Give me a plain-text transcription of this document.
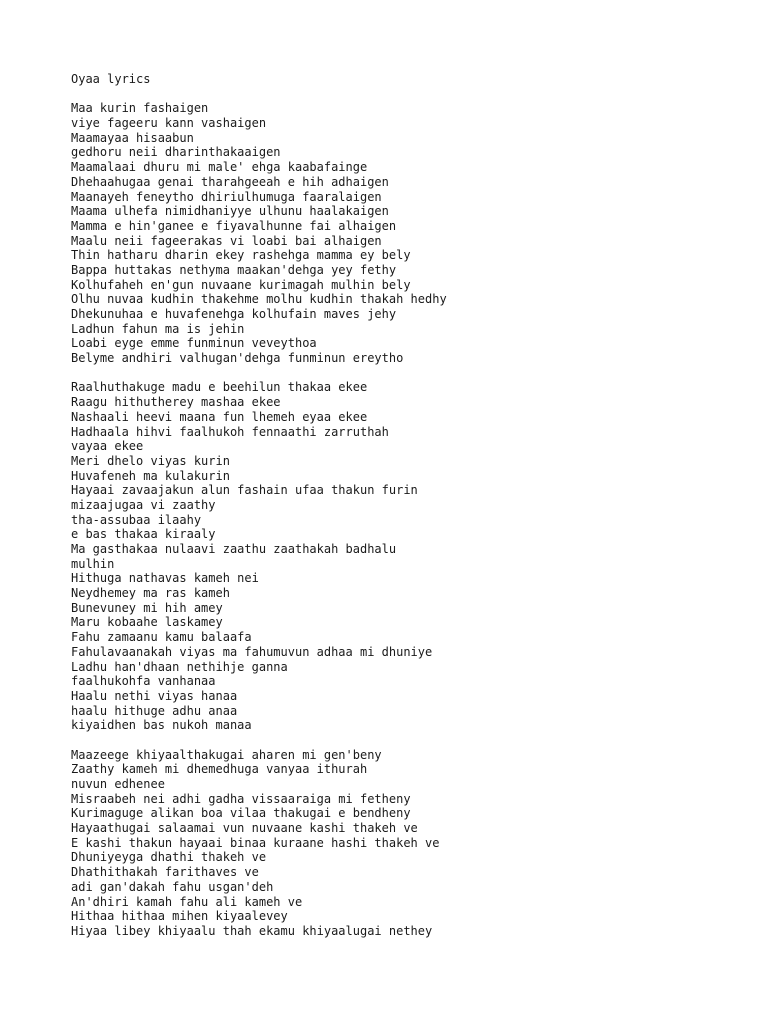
Oyaa lyrics
Maa kurin fashaigen
viye fageeru kann vashaigen
Maamayaa hisaabun
gedhoru neii dharinthakaaigen
Maamalaai dhuru mi male' ehga kaabafainge
Dhehaahugaa genai tharahgeeah e hih adhaigen
Maanayeh feneytho dhiriulhumuga faaralaigen
Maama ulhefa nimidhaniyye ulhunu haalakaigen
Mamma e hin'ganee e fiyavalhunne fai alhaigen
Maalu neii fageerakas vi loabi bai alhaigen
Thin hatharu dharin ekey rashehga mamma ey bely
Bappa huttakas nethyma maakan'dehga yey fethy
Kolhufaheh en'gun nuvaane kurimagah mulhin bely
Olhu nuvaa kudhin thakehme molhu kudhin thakah hedhy
Dhekunuhaa e huvafenehga kolhufain maves jehy
Ladhun fahun ma is jehin
Loabi eyge emme funminun veveythoa
Belyme andhiri valhugan'dehga funminun ereytho
Raalhuthakuge madu e beehilun thakaa ekee
Raagu hithutherey mashaa ekee
Nashaali heevi maana fun lhemeh eyaa ekee
Hadhaala hihvi faalhukoh fennaathi zarruthah
vayaa ekee
Meri dhelo viyas kurin
Huvafeneh ma kulakurin
Hayaai zavaajakun alun fashain ufaa thakun furin
mizaajugaa vi zaathy
tha-assubaa ilaahy
e bas thakaa kiraaly
Ma gasthakaa nulaavi zaathu zaathakah badhalu
mulhin
Hithuga nathavas kameh nei
Neydhemey ma ras kameh
Bunevuney mi hih amey
Maru kobaahe laskamey
Fahu zamaanu kamu balaafa
Fahulavaanakah viyas ma fahumuvun adhaa mi dhuniye
Ladhu han'dhaan nethihje ganna
faalhukohfa vanhanaa
Haalu nethi viyas hanaa
haalu hithuge adhu anaa
kiyaidhen bas nukoh manaa
Maazeege khiyaalthakugai aharen mi gen'beny
Zaathy kameh mi dhemedhuga vanyaa ithurah
nuvun edhenee
Misraabeh nei adhi gadha vissaaraiga mi fetheny
Kurimaguge alikan boa vilaa thakugai e bendheny
Hayaathugai salaamai vun nuvaane kashi thakeh ve
E kashi thakun hayaai binaa kuraane hashi thakeh ve
Dhuniyeyga dhathi thakeh ve
Dhathithakah farithaves ve
adi gan'dakah fahu usgan'deh
An'dhiri kamah fahu ali kameh ve
Hithaa hithaa mihen kiyaalevey
Hiyaa libey khiyaalu thah ekamu khiyaalugai nethey
